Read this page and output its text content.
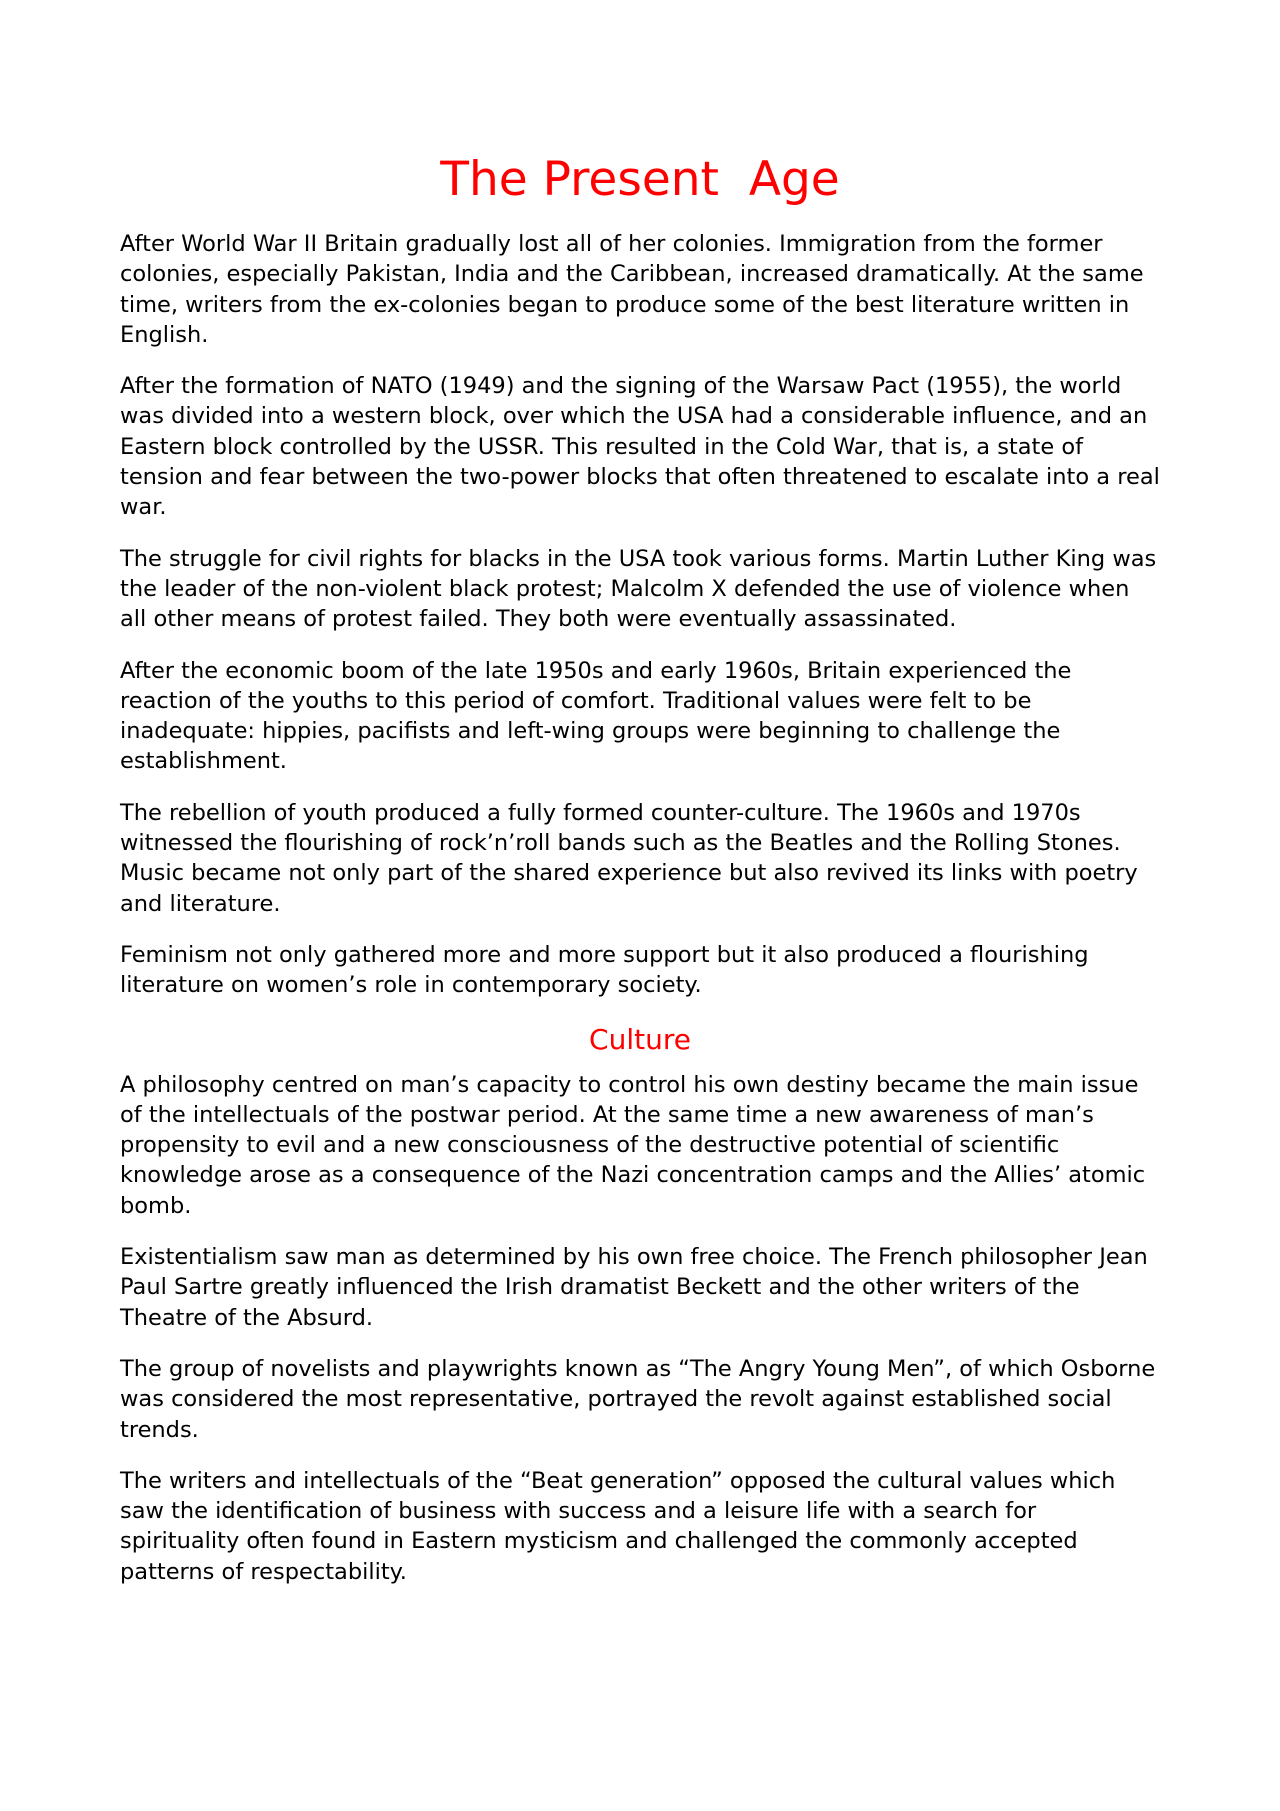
The Present  Age

After World War II Britain gradually lost all of her colonies. Immigration from the former colonies, especially Pakistan, India and the Caribbean, increased dramatically. At the same time, writers from the ex-colonies began to produce some of the best literature written in English.

After the formation of NATO (1949) and the signing of the Warsaw Pact (1955), the world was divided into a western block, over which the USA had a considerable influence, and an Eastern block controlled by the USSR. This resulted in the Cold War, that is, a state of tension and fear between the two-power blocks that often threatened to escalate into a real war.

The struggle for civil rights for blacks in the USA took various forms. Martin Luther King was the leader of the non-violent black protest; Malcolm X defended the use of violence when all other means of protest failed. They both were eventually assassinated.

After the economic boom of the late 1950s and early 1960s, Britain experienced the reaction of the youths to this period of comfort. Traditional values were felt to be inadequate: hippies, pacifists and left-wing groups were beginning to challenge the establishment.

The rebellion of youth produced a fully formed counter-culture. The 1960s and 1970s witnessed the flourishing of rock’n’roll bands such as the Beatles and the Rolling Stones. Music became not only part of the shared experience but also revived its links with poetry and literature.

Feminism not only gathered more and more support but it also produced a flourishing literature on women’s role in contemporary society.

Culture

A philosophy centred on man’s capacity to control his own destiny became the main issue of the intellectuals of the postwar period. At the same time a new awareness of man’s propensity to evil and a new consciousness of the destructive potential of scientific knowledge arose as a consequence of the Nazi concentration camps and the Allies’ atomic bomb.

Existentialism saw man as determined by his own free choice. The French philosopher Jean Paul Sartre greatly influenced the Irish dramatist Beckett and the other writers of the Theatre of the Absurd.

The group of novelists and playwrights known as “The Angry Young Men”, of which Osborne was considered the most representative, portrayed the revolt against established social trends.

The writers and intellectuals of the “Beat generation” opposed the cultural values which saw the identification of business with success and a leisure life with a search for spirituality often found in Eastern mysticism and challenged the commonly accepted patterns of respectability.
